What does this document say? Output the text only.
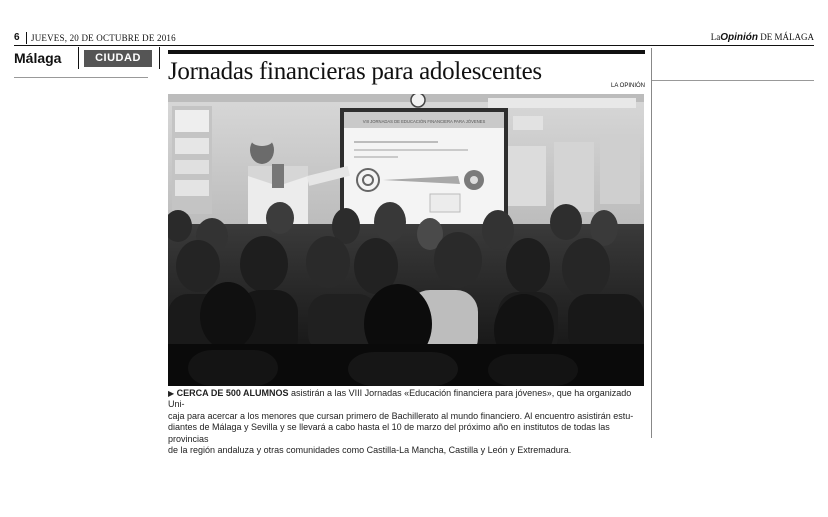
6 JUEVES, 20 DE OCTUBRE DE 2016	LaOpinión DE MÁLAGA
Málaga	CIUDAD	Jornadas financieras para adolescentes
LA OPINIÓN
VIII JORNADAS DE EDUCACIÓN FINANCIERA PARA JÓVENES
▶ CERCA DE 500 ALUMNOS asistirán a las VIII Jornadas «Educación financiera para jóvenes», que ha organizado Uni-
caja para acercar a los menores que cursan primero de Bachillerato al mundo financiero. Al encuentro asistirán estu-
diantes de Málaga y Sevilla y se llevará a cabo hasta el 10 de marzo del próximo año en institutos de todas las provincias
de la región andaluza y otras comunidades como Castilla-La Mancha, Castilla y León y Extremadura.
